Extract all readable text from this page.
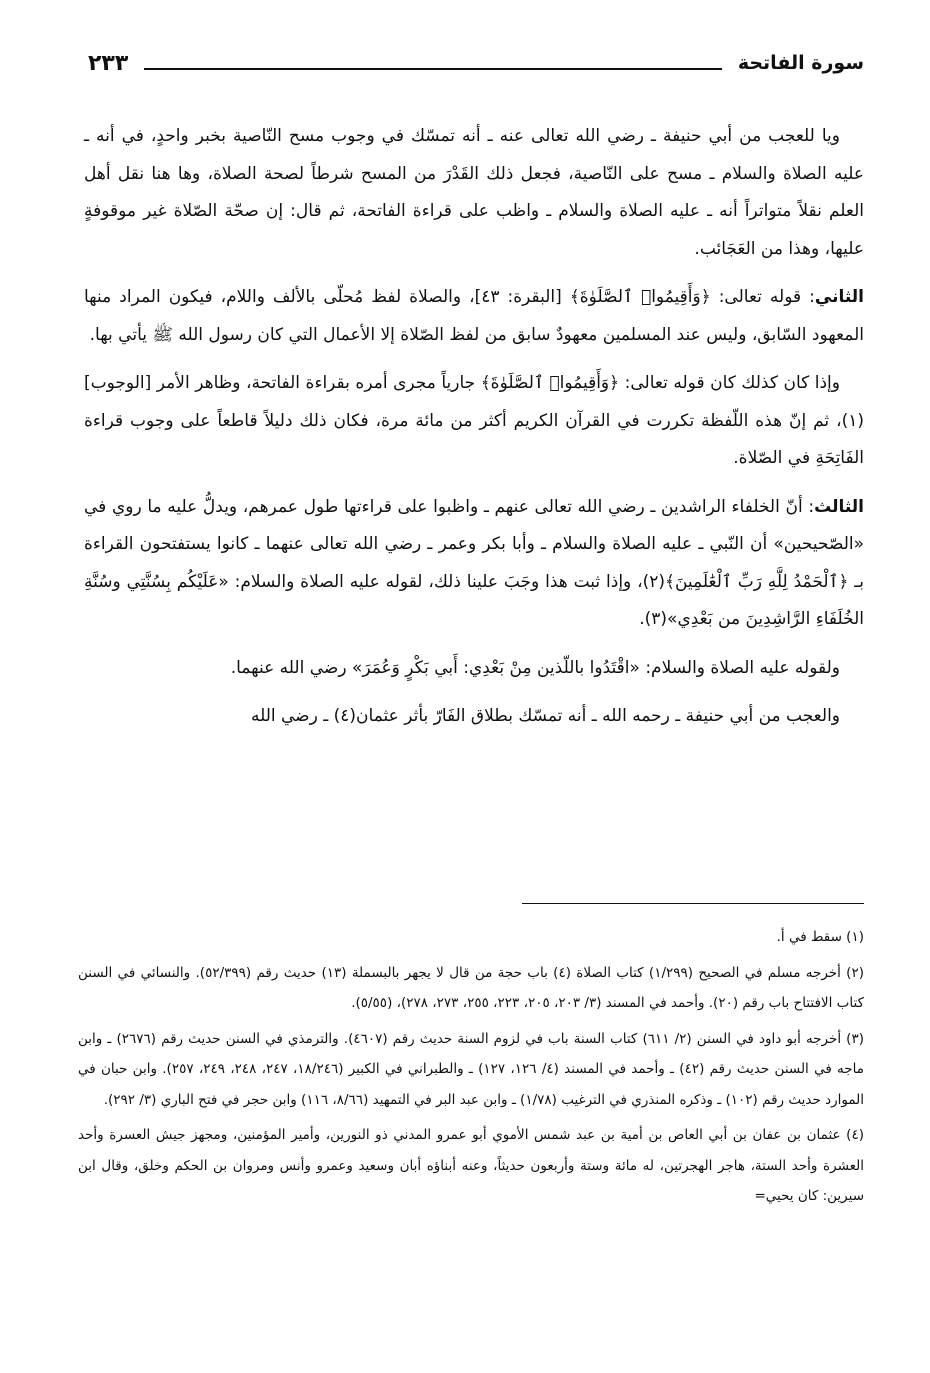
سورة الفاتحة
٢٣٣

ويا للعجب من أبي حنيفة ـ رضي الله تعالى عنه ـ أنه تمسّك في وجوب مسح النّاصية بخبر واحدٍ، في أنه ـ عليه الصلاة والسلام ـ مسح على النّاصية، فجعل ذلك القَدْرَ من المسح شرطاً لصحة الصلاة، وها هنا نقل أهل العلم نقلاً متواتراً أنه ـ عليه الصلاة والسلام ـ واظب على قراءة الفاتحة، ثم قال: إن صحّة الصّلاة غير موقوفةٍ عليها، وهذا من العَجَائب.

الثاني: قوله تعالى: ﴿وَأَقِيمُوا۟ ٱلصَّلَوٰةَ﴾ [البقرة: ٤٣]، والصلاة لفظ مُحلّى بالألف واللام، فيكون المراد منها المعهود السّابق، وليس عند المسلمين معهودٌ سابق من لفظ الصّلاة إلا الأعمال التي كان رسول الله ﷺ يأتي بها.

وإذا كان كذلك كان قوله تعالى: ﴿وَأَقِيمُوا۟ ٱلصَّلَوٰةَ﴾ جارياً مجرى أمره بقراءة الفاتحة، وظاهر الأمر [الوجوب](١)، ثم إنّ هذه اللّفظة تكررت في القرآن الكريم أكثر من مائة مرة، فكان ذلك دليلاً قاطعاً على وجوب قراءة الفَاتِحَةِ في الصّلاة.

الثالث: أنّ الخلفاء الراشدين ـ رضي الله تعالى عنهم ـ واظبوا على قراءتها طول عمرهم، ويدلُّ عليه ما روي في «الصّحيحين» أن النّبي ـ عليه الصلاة والسلام ـ وأبا بكر وعمر ـ رضي الله تعالى عنهما ـ كانوا يستفتحون القراءة بـ ﴿ٱلْحَمْدُ لِلَّهِ رَبِّ ٱلْعَٰلَمِينَ﴾(٢)، وإذا ثبت هذا وجَبَ علينا ذلك، لقوله عليه الصلاة والسلام: «عَلَيْكُم بِسُنَّتِي وسُنَّةِ الخُلَفَاءِ الرَّاشِدِينَ من بَعْدِي»(٣).

ولقوله عليه الصلاة والسلام: «اقْتَدُوا باللّذين مِنْ بَعْدِي: أَبي بَكْرٍ وَعُمَرَ» رضي الله عنهما.

والعجب من أبي حنيفة ـ رحمه الله ـ أنه تمسّك بطلاق الفَارّ بأثر عثمان(٤) ـ رضي الله

(١) سقط في أ.

(٢) أخرجه مسلم في الصحيح (١/٢٩٩) كتاب الصلاة (٤) باب حجة من قال لا يجهر بالبسملة (١٣) حديث رقم (٥٢/٣٩٩). والنسائي في السنن كتاب الافتتاح باب رقم (٢٠). وأحمد في المسند (٣/ ٢٠٣، ٢٠٥، ٢٢٣، ٢٥٥، ٢٧٣، ٢٧٨)، (٥/٥٥).

(٣) أخرجه أبو داود في السنن (٢/ ٦١١) كتاب السنة باب في لزوم السنة حديث رقم (٤٦٠٧). والترمذي في السنن حديث رقم (٢٦٧٦) ـ وابن ماجه في السنن حديث رقم (٤٢) ـ وأحمد في المسند (٤/ ١٢٦، ١٢٧) ـ والطبراني في الكبير (١٨/٢٤٦، ٢٤٧، ٢٤٨، ٢٤٩، ٢٥٧). وابن حبان في الموارد حديث رقم (١٠٢) ـ وذكره المنذري في الترغيب (١/٧٨) ـ وابن عبد البر في التمهيد (٨/٦٦، ١١٦) وابن حجر في فتح الباري (٣/ ٢٩٢).

(٤) عثمان بن عفان بن أبي العاص بن أمية بن عبد شمس الأموي أبو عمرو المدني ذو النورين، وأمير المؤمنين، ومجهز جيش العسرة وأحد العشرة وأحد الستة، هاجر الهجرتين، له مائة وستة وأربعون حديثاً، وعنه أبناؤه أبان وسعيد وعمرو وأنس ومروان بن الحكم وخلق، وقال ابن سيرين: كان يحيي=
